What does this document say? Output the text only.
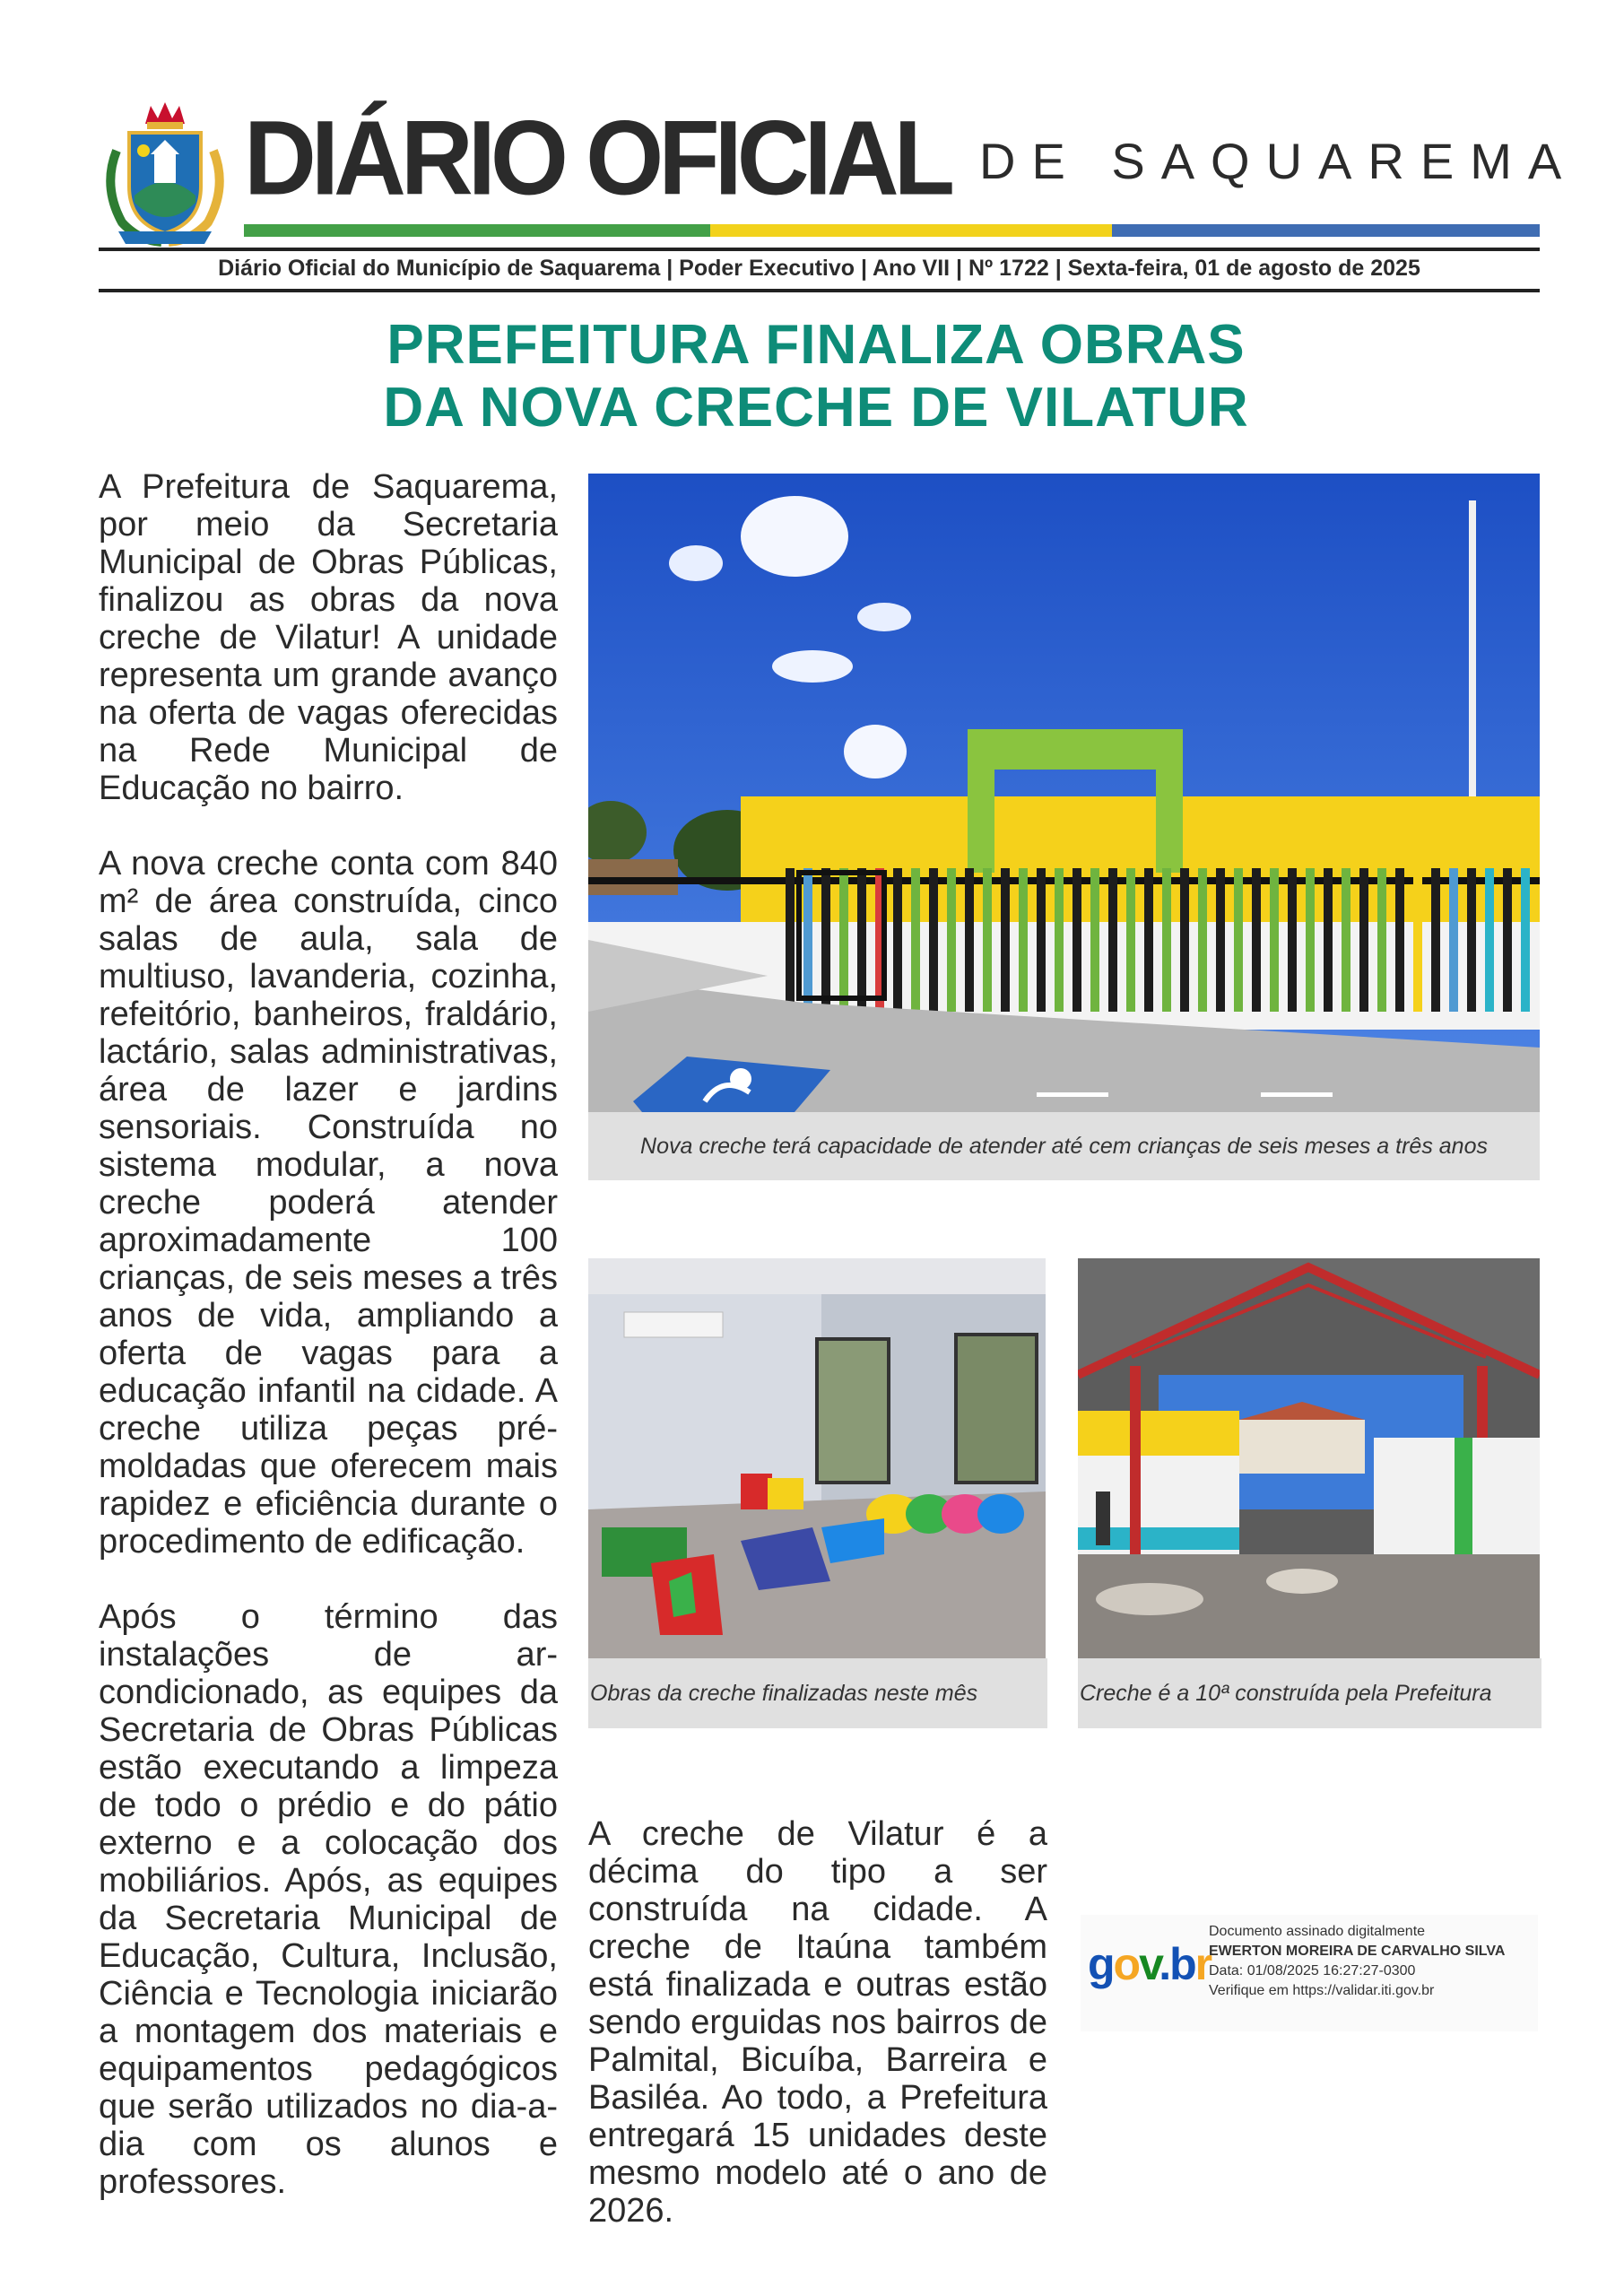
DIÁRIO OFICIAL DE SAQUAREMA
Diário Oficial do Município de Saquarema | Poder Executivo | Ano VII | Nº 1722 | Sexta-feira, 01 de agosto de 2025
PREFEITURA FINALIZA OBRAS
DA NOVA CRECHE DE VILATUR

A Prefeitura de Saquarema, por meio da Secretaria Municipal de Obras Públicas, finalizou as obras da nova creche de Vilatur! A unidade representa um grande avanço na oferta de vagas oferecidas na Rede Municipal de Educação no bairro.

A nova creche conta com 840 m² de área construída, cinco salas de aula, sala de multiuso, lavanderia, cozinha, refeitório, banheiros, fraldário, lactário, salas administrativas, área de lazer e jardins sensoriais. Construída no sistema modular, a nova creche poderá atender aproximadamente 100 crianças, de seis meses a três anos de vida, ampliando a oferta de vagas para a educação infantil na cidade. A creche utiliza peças pré-moldadas que oferecem mais rapidez e eficiência durante o procedimento de edificação.

Após o término das instalações de ar-condicionado, as equipes da Secretaria de Obras Públicas estão executando a limpeza de todo o prédio e do pátio externo e a colocação dos mobiliários. Após, as equipes da Secretaria Municipal de Educação, Cultura, Inclusão, Ciência e Tecnologia iniciarão a montagem dos materiais e equipamentos pedagógicos que serão utilizados no dia-a-dia com os alunos e professores.

Nova creche terá capacidade de atender até cem crianças de seis meses a três anos
Obras da creche finalizadas neste mês	Creche é a 10ª construída pela Prefeitura

A creche de Vilatur é a décima do tipo a ser construída na cidade. A creche de Itaúna também está finalizada e outras estão sendo erguidas nos bairros de Palmital, Bicuíba, Barreira e Basiléa. Ao todo, a Prefeitura entregará 15 unidades deste mesmo modelo até o ano de 2026.

gov.br
Documento assinado digitalmente
EWERTON MOREIRA DE CARVALHO SILVA
Data: 01/08/2025 16:27:27-0300
Verifique em https://validar.iti.gov.br
